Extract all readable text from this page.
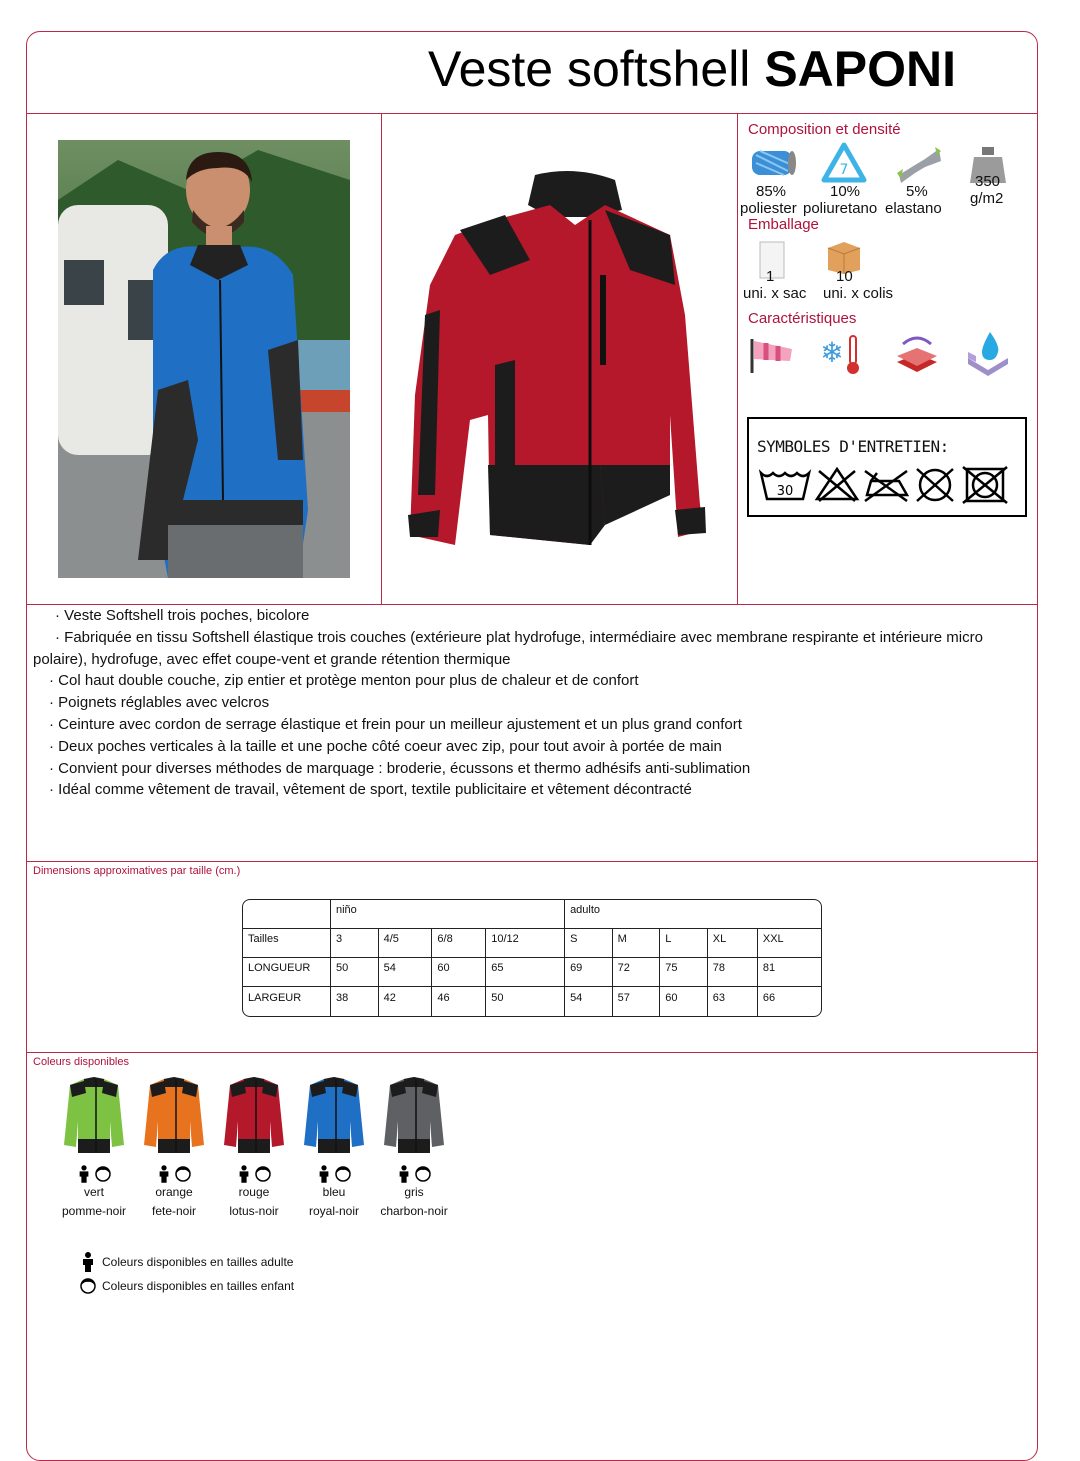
Veste softshell SAPONI
Composition et densité
85%
poliester
7
10%
poliuretano
5%
elastano
350
g/m2
Emballage
1
uni. x sac
10
uni. x colis
Caractéristiques
❄
SYMBOLES D'ENTRETIEN:
30
· Veste Softshell trois poches, bicolore
· Fabriquée en tissu Softshell élastique trois couches (extérieure plat hydrofuge, intermédiaire avec membrane respirante et intérieure micro polaire), hydrofuge, avec effet coupe-vent et grande rétention thermique
· Col haut double couche, zip entier et protège menton pour plus de chaleur et de confort
· Poignets réglables avec velcros
· Ceinture avec cordon de serrage élastique et frein pour un meilleur ajustement et un plus grand confort
· Deux poches verticales à la taille et une poche côté coeur avec zip, pour tout avoir à portée de main
· Convient pour diverses méthodes de marquage : broderie, écussons et thermo adhésifs anti-sublimation
· Idéal comme vêtement de travail, vêtement de sport, textile publicitaire et vêtement décontracté
Dimensions approximatives par taille (cm.)
	niño				adulto				
Tailles	3	4/5	6/8	10/12	S	M	L	XL	XXL
LONGUEUR	50	54	60	65	69	72	75	78	81
LARGEUR	38	42	46	50	54	57	60	63	66
Coleurs disponibles
vert
pomme-noir
orange
fete-noir
rouge
lotus-noir
bleu
royal-noir
gris
charbon-noir
Coleurs disponibles en tailles adulte
Coleurs disponibles en tailles enfant
